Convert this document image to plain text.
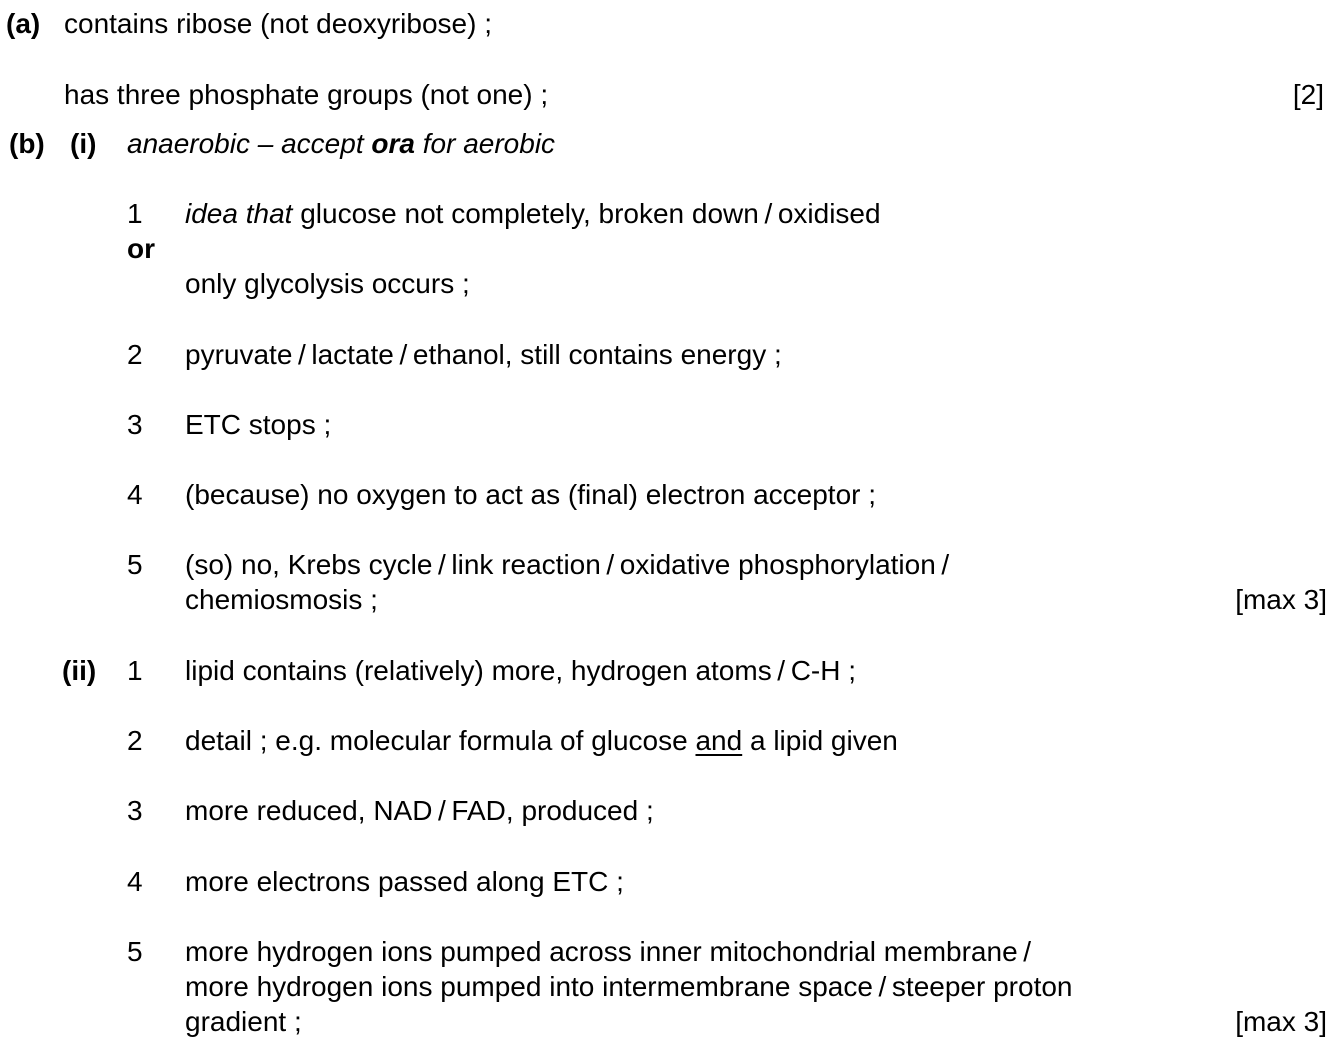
(a) contains ribose (not deoxyribose) ;
has three phosphate groups (not one) ;	[2]
(b) (i) anaerobic – accept ora for aerobic
1 idea that glucose not completely, broken down / oxidised
or
only glycolysis occurs ;
2 pyruvate / lactate / ethanol, still contains energy ;
3 ETC stops ;
4 (because) no oxygen to act as (final) electron acceptor ;
5 (so) no, Krebs cycle / link reaction / oxidative phosphorylation /
chemiosmosis ;	[max 3]
(ii) 1 lipid contains (relatively) more, hydrogen atoms / C-H ;
2 detail ; e.g. molecular formula of glucose and a lipid given
3 more reduced, NAD / FAD, produced ;
4 more electrons passed along ETC ;
5 more hydrogen ions pumped across inner mitochondrial membrane /
more hydrogen ions pumped into intermembrane space / steeper proton
gradient ;	[max 3]
